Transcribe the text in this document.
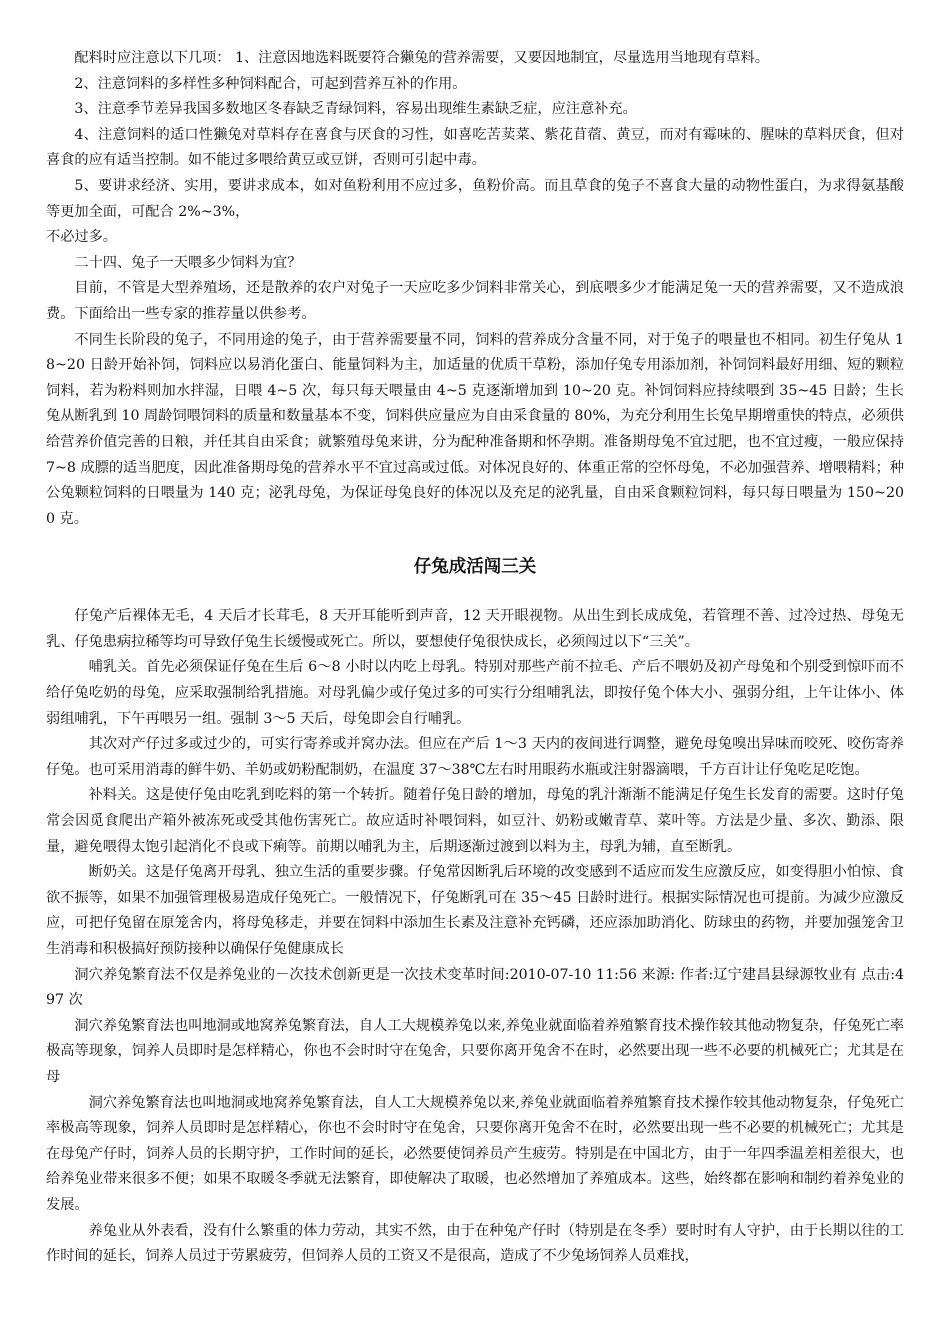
配料时应注意以下几项： 1、注意因地选料既要符合獭兔的营养需要，又要因地制宜，尽量选用当地现有草料。

2、注意饲料的多样性多种饲料配合，可起到营养互补的作用。

3、注意季节差异我国多数地区冬春缺乏青绿饲料，容易出现维生素缺乏症，应注意补充。

4、注意饲料的适口性獭兔对草料存在喜食与厌食的习性，如喜吃苦荬菜、紫花苜蓿、黄豆，而对有霉味的、腥味的草料厌食，但对喜食的应有适当控制。如不能过多喂给黄豆或豆饼，否则可引起中毒。

5、要讲求经济、实用，要讲求成本，如对鱼粉利用不应过多，鱼粉价高。而且草食的兔子不喜食大量的动物性蛋白，为求得氨基酸等更加全面，可配合 2%~3%，

不必过多。

二十四、兔子一天喂多少饲料为宜？

目前，不管是大型养殖场，还是散养的农户对兔子一天应吃多少饲料非常关心，到底喂多少才能满足兔一天的营养需要，又不造成浪费。下面给出一些专家的推荐量以供参考。

不同生长阶段的兔子，不同用途的兔子，由于营养需要量不同，饲料的营养成分含量不同，对于兔子的喂量也不相同。初生仔兔从 18~20 日龄开始补饲，饲料应以易消化蛋白、能量饲料为主，加适量的优质干草粉，添加仔兔专用添加剂，补饲饲料最好用细、短的颗粒饲料，若为粉料则加水拌湿，日喂 4~5 次，每只每天喂量由 4~5 克逐渐增加到 10~20 克。补饲饲料应持续喂到 35~45 日龄；生长兔从断乳到 10 周龄饲喂饲料的质量和数量基本不变，饲料供应量应为自由采食量的 80%，为充分利用生长兔早期增重快的特点，必须供给营养价值完善的日粮，并任其自由采食；就繁殖母兔来讲，分为配种准备期和怀孕期。准备期母兔不宜过肥，也不宜过瘦，一般应保持 7~8 成膘的适当肥度，因此准备期母兔的营养水平不宜过高或过低。对体况良好的、体重正常的空怀母兔，不必加强营养、增喂精料；种公兔颗粒饲料的日喂量为 140 克；泌乳母兔，为保证母兔良好的体况以及充足的泌乳量，自由采食颗粒饲料，每只每日喂量为 150~200 克。

仔兔成活闯三关

仔兔产后裸体无毛，4 天后才长茸毛，8 天开耳能听到声音，12 天开眼视物。从出生到长成成兔，若管理不善、过冷过热、母兔无乳、仔兔患病拉稀等均可导致仔兔生长缓慢或死亡。所以，要想使仔兔很快成长，必须闯过以下“三关”。

哺乳关。首先必须保证仔兔在生后 6～8 小时以内吃上母乳。特别对那些产前不拉毛、产后不喂奶及初产母兔和个别受到惊吓而不给仔兔吃奶的母兔，应采取强制给乳措施。对母乳偏少或仔兔过多的可实行分组哺乳法，即按仔兔个体大小、强弱分组，上午让体小、体弱组哺乳，下午再喂另一组。强制 3～5 天后，母兔即会自行哺乳。

其次对产仔过多或过少的，可实行寄养或并窝办法。但应在产后 1～3 天内的夜间进行调整，避免母兔嗅出异味而咬死、咬伤寄养仔兔。也可采用消毒的鲜牛奶、羊奶或奶粉配制奶，在温度 37～38℃左右时用眼药水瓶或注射器滴喂，千方百计让仔兔吃足吃饱。

补料关。这是使仔兔由吃乳到吃料的第一个转折。随着仔兔日龄的增加，母兔的乳汁渐渐不能满足仔兔生长发育的需要。这时仔兔常会因觅食爬出产箱外被冻死或受其他伤害死亡。故应适时补喂饲料，如豆汁、奶粉或嫩青草、菜叶等。方法是少量、多次、勤添、限量，避免喂得太饱引起消化不良或下痢等。前期以哺乳为主，后期逐渐过渡到以料为主，母乳为辅，直至断乳。

断奶关。这是仔兔离开母乳、独立生活的重要步骤。仔兔常因断乳后环境的改变感到不适应而发生应激反应，如变得胆小怕惊、食欲不振等，如果不加强管理极易造成仔兔死亡。一般情况下，仔兔断乳可在 35～45 日龄时进行。根据实际情况也可提前。为减少应激反应，可把仔兔留在原笼舍内，将母兔移走，并要在饲料中添加生长素及注意补充钙磷，还应添加助消化、防球虫的药物，并要加强笼舍卫生消毒和积极搞好预防接种以确保仔兔健康成长

洞穴养兔繁育法不仅是养兔业的－次技术创新更是一次技术变革时间:2010-07-10 11:56 来源: 作者:辽宁建昌县绿源牧业有 点击:497 次

洞穴养兔繁育法也叫地洞或地窝养兔繁育法，自人工大规模养兔以来,养兔业就面临着养殖繁育技术操作较其他动物复杂，仔兔死亡率极高等现象，饲养人员即时是怎样精心，你也不会时时守在兔舍，只要你离开兔舍不在时，必然要出现一些不必要的机械死亡；尤其是在母

洞穴养兔繁育法也叫地洞或地窝养兔繁育法，自人工大规模养兔以来,养兔业就面临着养殖繁育技术操作较其他动物复杂，仔兔死亡率极高等现象，饲养人员即时是怎样精心，你也不会时时守在兔舍，只要你离开兔舍不在时，必然要出现一些不必要的机械死亡；尤其是在母兔产仔时，饲养人员的长期守护，工作时间的延长，必然要使饲养员产生疲劳。特别是在中国北方，由于一年四季温差相差很大，也给养兔业带来很多不便；如果不取暖冬季就无法繁育，即使解决了取暖，也必然增加了养殖成本。这些，始终都在影响和制约着养兔业的发展。

养兔业从外表看，没有什么繁重的体力劳动，其实不然，由于在种兔产仔时（特别是在冬季）要时时有人守护，由于长期以往的工作时间的延长，饲养人员过于劳累疲劳，但饲养人员的工资又不是很高，造成了不少兔场饲养人员难找，
